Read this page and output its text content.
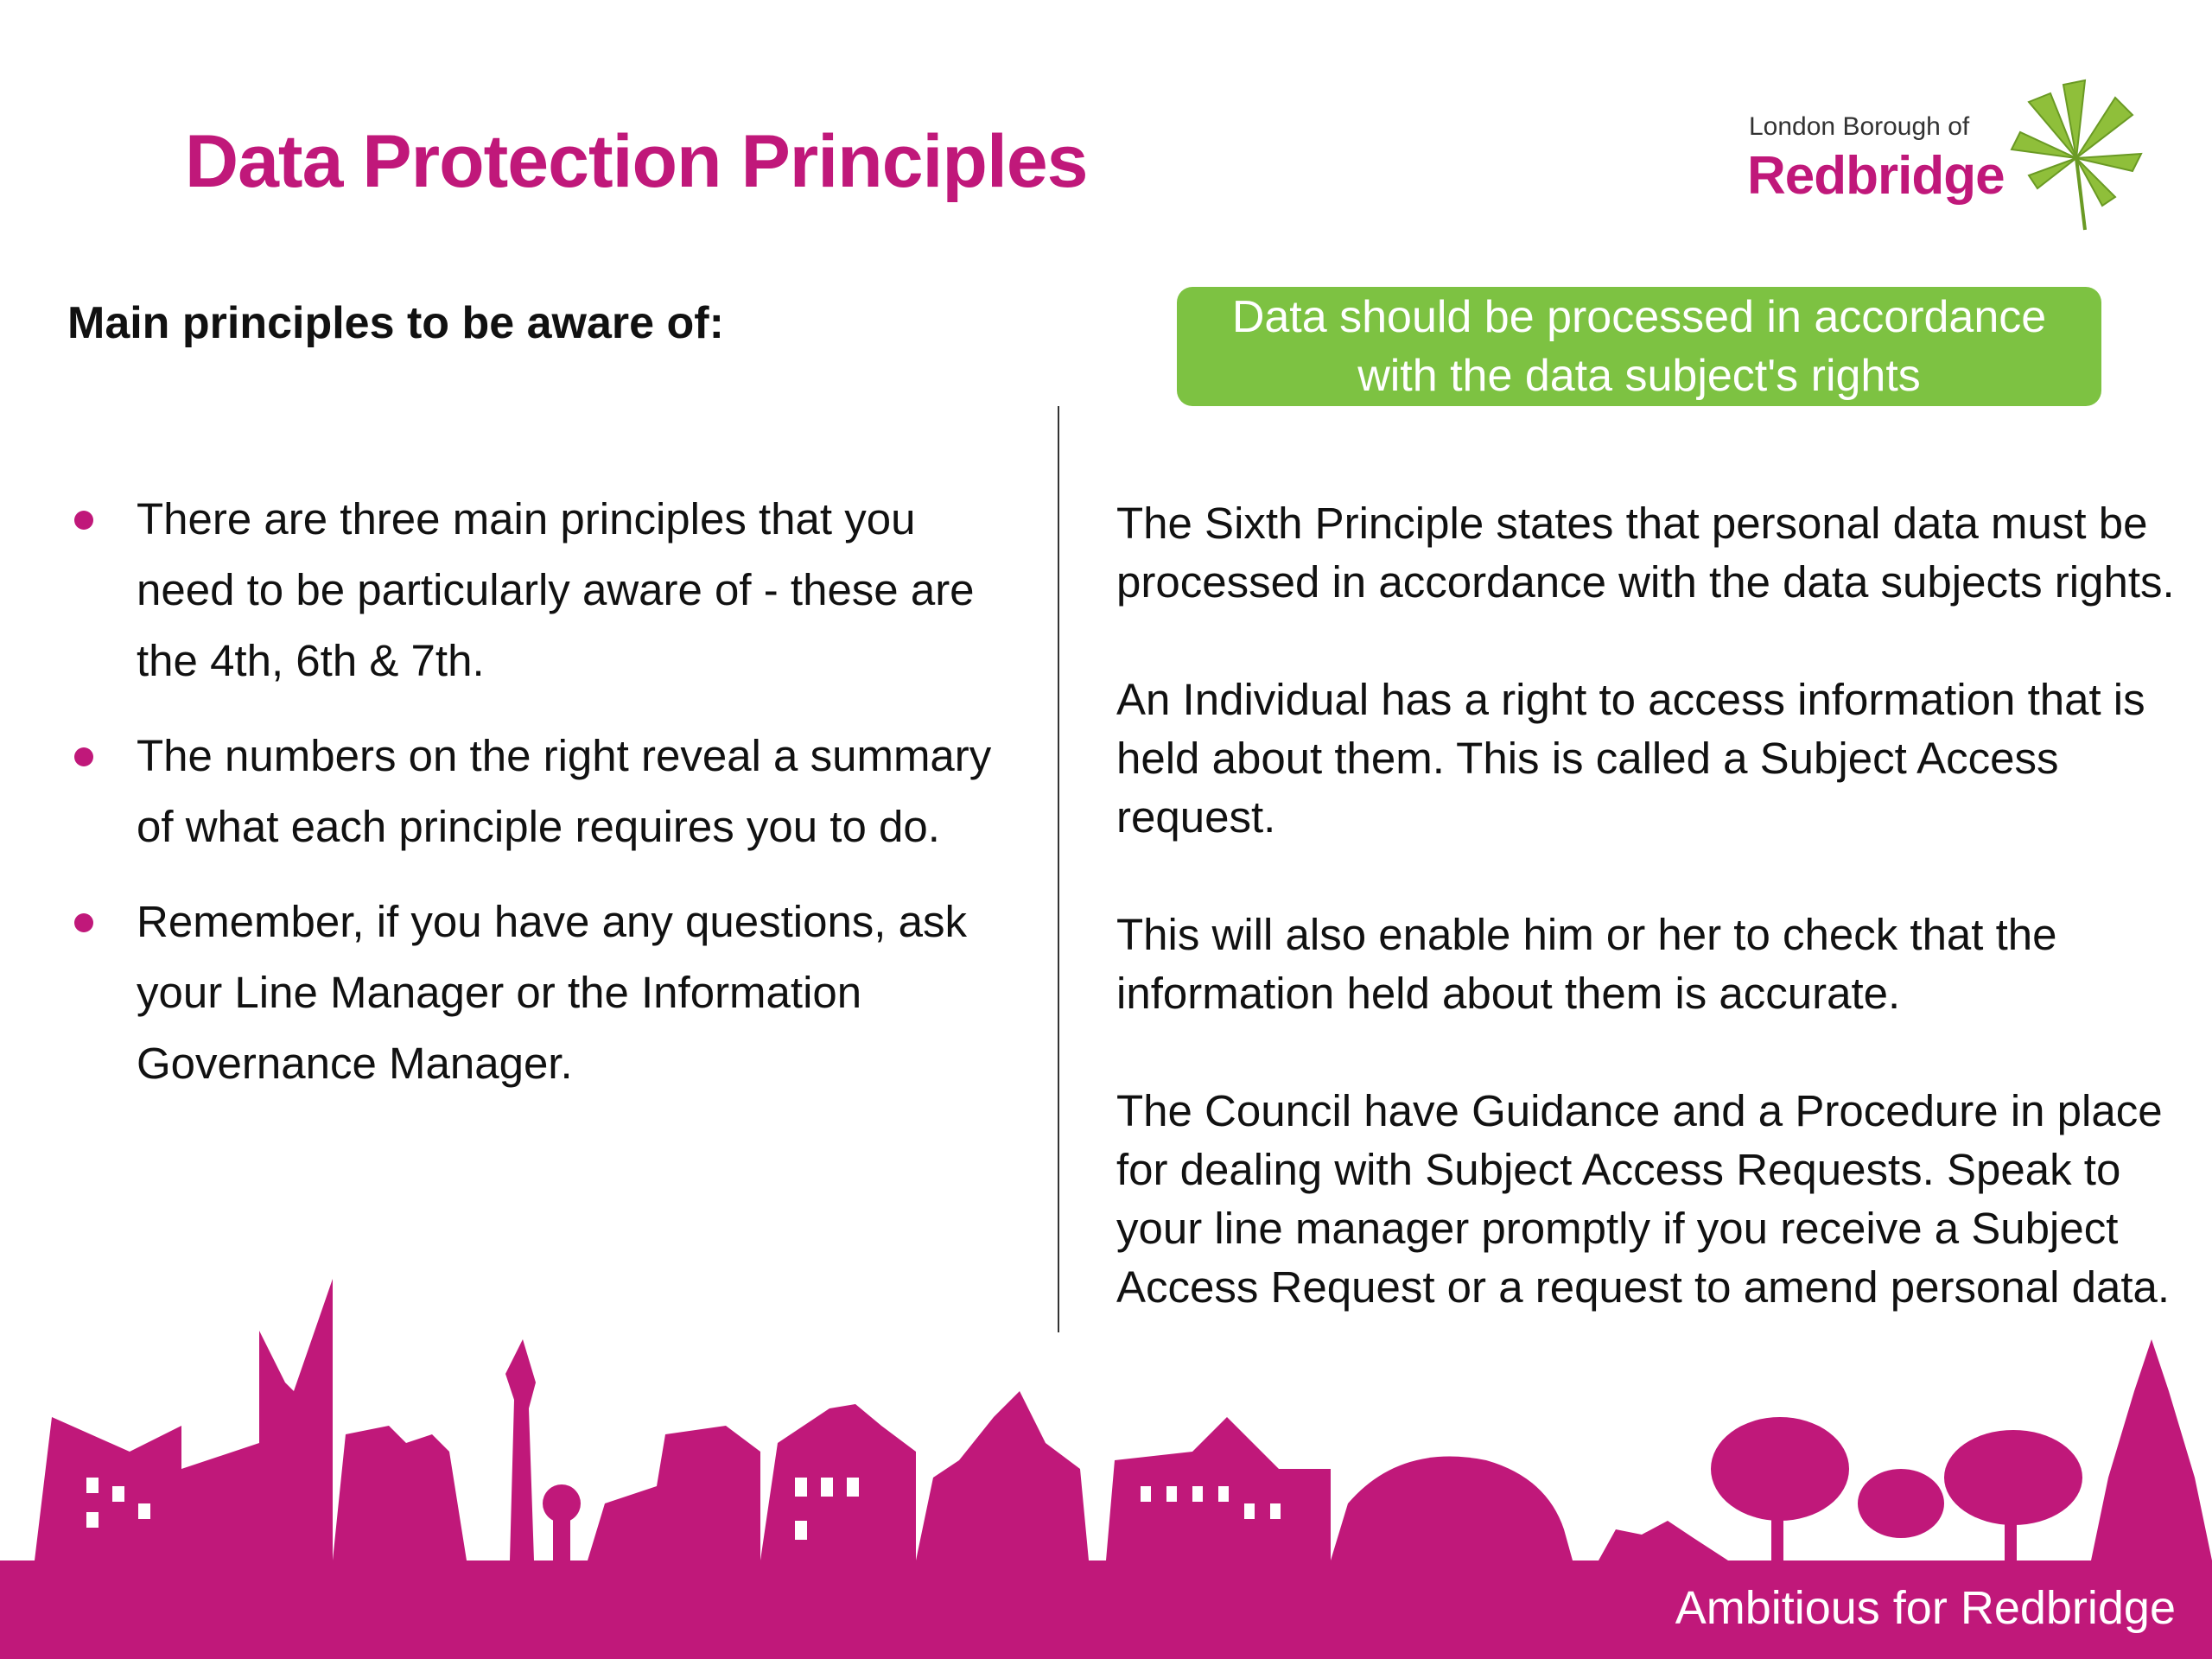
Data Protection Principles	London Borough of
Redbridge
Main principles to be aware of:
There are three main principles that you need to be particularly aware of - these are the 4th, 6th & 7th.
The numbers on the right reveal a summary of what each principle requires you to do.
Remember, if you have any questions, ask your Line Manager or the Information Governance Manager.
Data should be processed in accordance with the data subject's rights

The Sixth Principle states that personal data must be processed in accordance with the data subjects rights.

An Individual has a right to access information that is held about them. This is called a Subject Access request.

This will also enable him or her to check that the information held about them is accurate.

The Council have Guidance and a Procedure in place for dealing with Subject Access Requests. Speak to your line manager promptly if you receive a Subject Access Request or a request to amend personal data.

Ambitious for Redbridge
